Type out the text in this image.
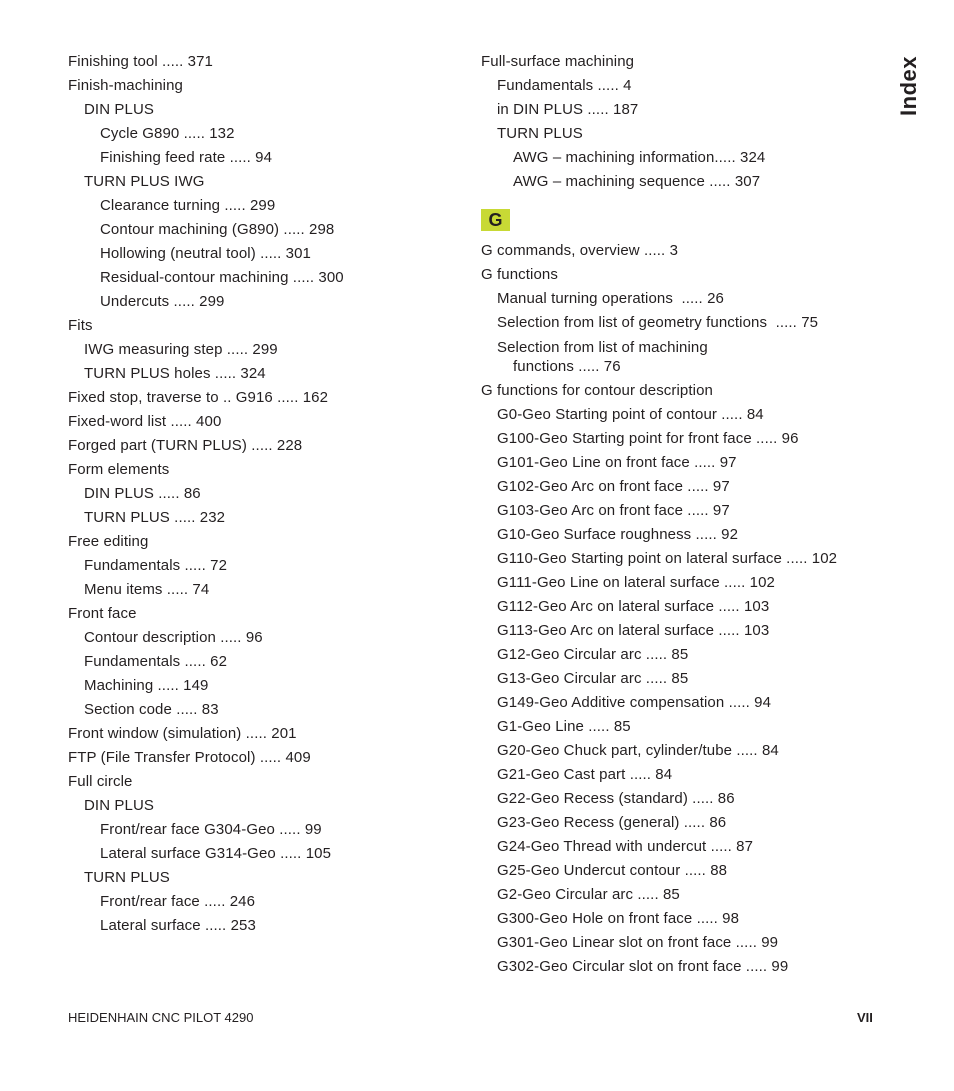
Finishing tool ..... 371
Finish-machining
DIN PLUS
Cycle G890 ..... 132
Finishing feed rate ..... 94
TURN PLUS IWG
Clearance turning ..... 299
Contour machining (G890) ..... 298
Hollowing (neutral tool) ..... 301
Residual-contour machining ..... 300
Undercuts ..... 299
Fits
IWG measuring step ..... 299
TURN PLUS holes ..... 324
Fixed stop, traverse to .. G916 ..... 162
Fixed-word list ..... 400
Forged part (TURN PLUS) ..... 228
Form elements
DIN PLUS ..... 86
TURN PLUS ..... 232
Free editing
Fundamentals ..... 72
Menu items ..... 74
Front face
Contour description ..... 96
Fundamentals ..... 62
Machining ..... 149
Section code ..... 83
Front window (simulation) ..... 201
FTP (File Transfer Protocol) ..... 409
Full circle
DIN PLUS
Front/rear face G304-Geo ..... 99
Lateral surface G314-Geo ..... 105
TURN PLUS
Front/rear face ..... 246
Lateral surface ..... 253
Full-surface machining
Fundamentals ..... 4
in DIN PLUS ..... 187
TURN PLUS
AWG – machining information..... 324
AWG – machining sequence ..... 307
G
G commands, overview ..... 3
G functions
Manual turning operations  ..... 26
Selection from list of geometry functions  ..... 75
Selection from list of machining
functions ..... 76
G functions for contour description
G0-Geo Starting point of contour ..... 84
G100-Geo Starting point for front face ..... 96
G101-Geo Line on front face ..... 97
G102-Geo Arc on front face ..... 97
G103-Geo Arc on front face ..... 97
G10-Geo Surface roughness ..... 92
G110-Geo Starting point on lateral surface ..... 102
G111-Geo Line on lateral surface ..... 102
G112-Geo Arc on lateral surface ..... 103
G113-Geo Arc on lateral surface ..... 103
G12-Geo Circular arc ..... 85
G13-Geo Circular arc ..... 85
G149-Geo Additive compensation ..... 94
G1-Geo Line ..... 85
G20-Geo Chuck part, cylinder/tube ..... 84
G21-Geo Cast part ..... 84
G22-Geo Recess (standard) ..... 86
G23-Geo Recess (general) ..... 86
G24-Geo Thread with undercut ..... 87
G25-Geo Undercut contour ..... 88
G2-Geo Circular arc ..... 85
G300-Geo Hole on front face ..... 98
G301-Geo Linear slot on front face ..... 99
G302-Geo Circular slot on front face ..... 99
Index
HEIDENHAIN CNC PILOT 4290	VII
